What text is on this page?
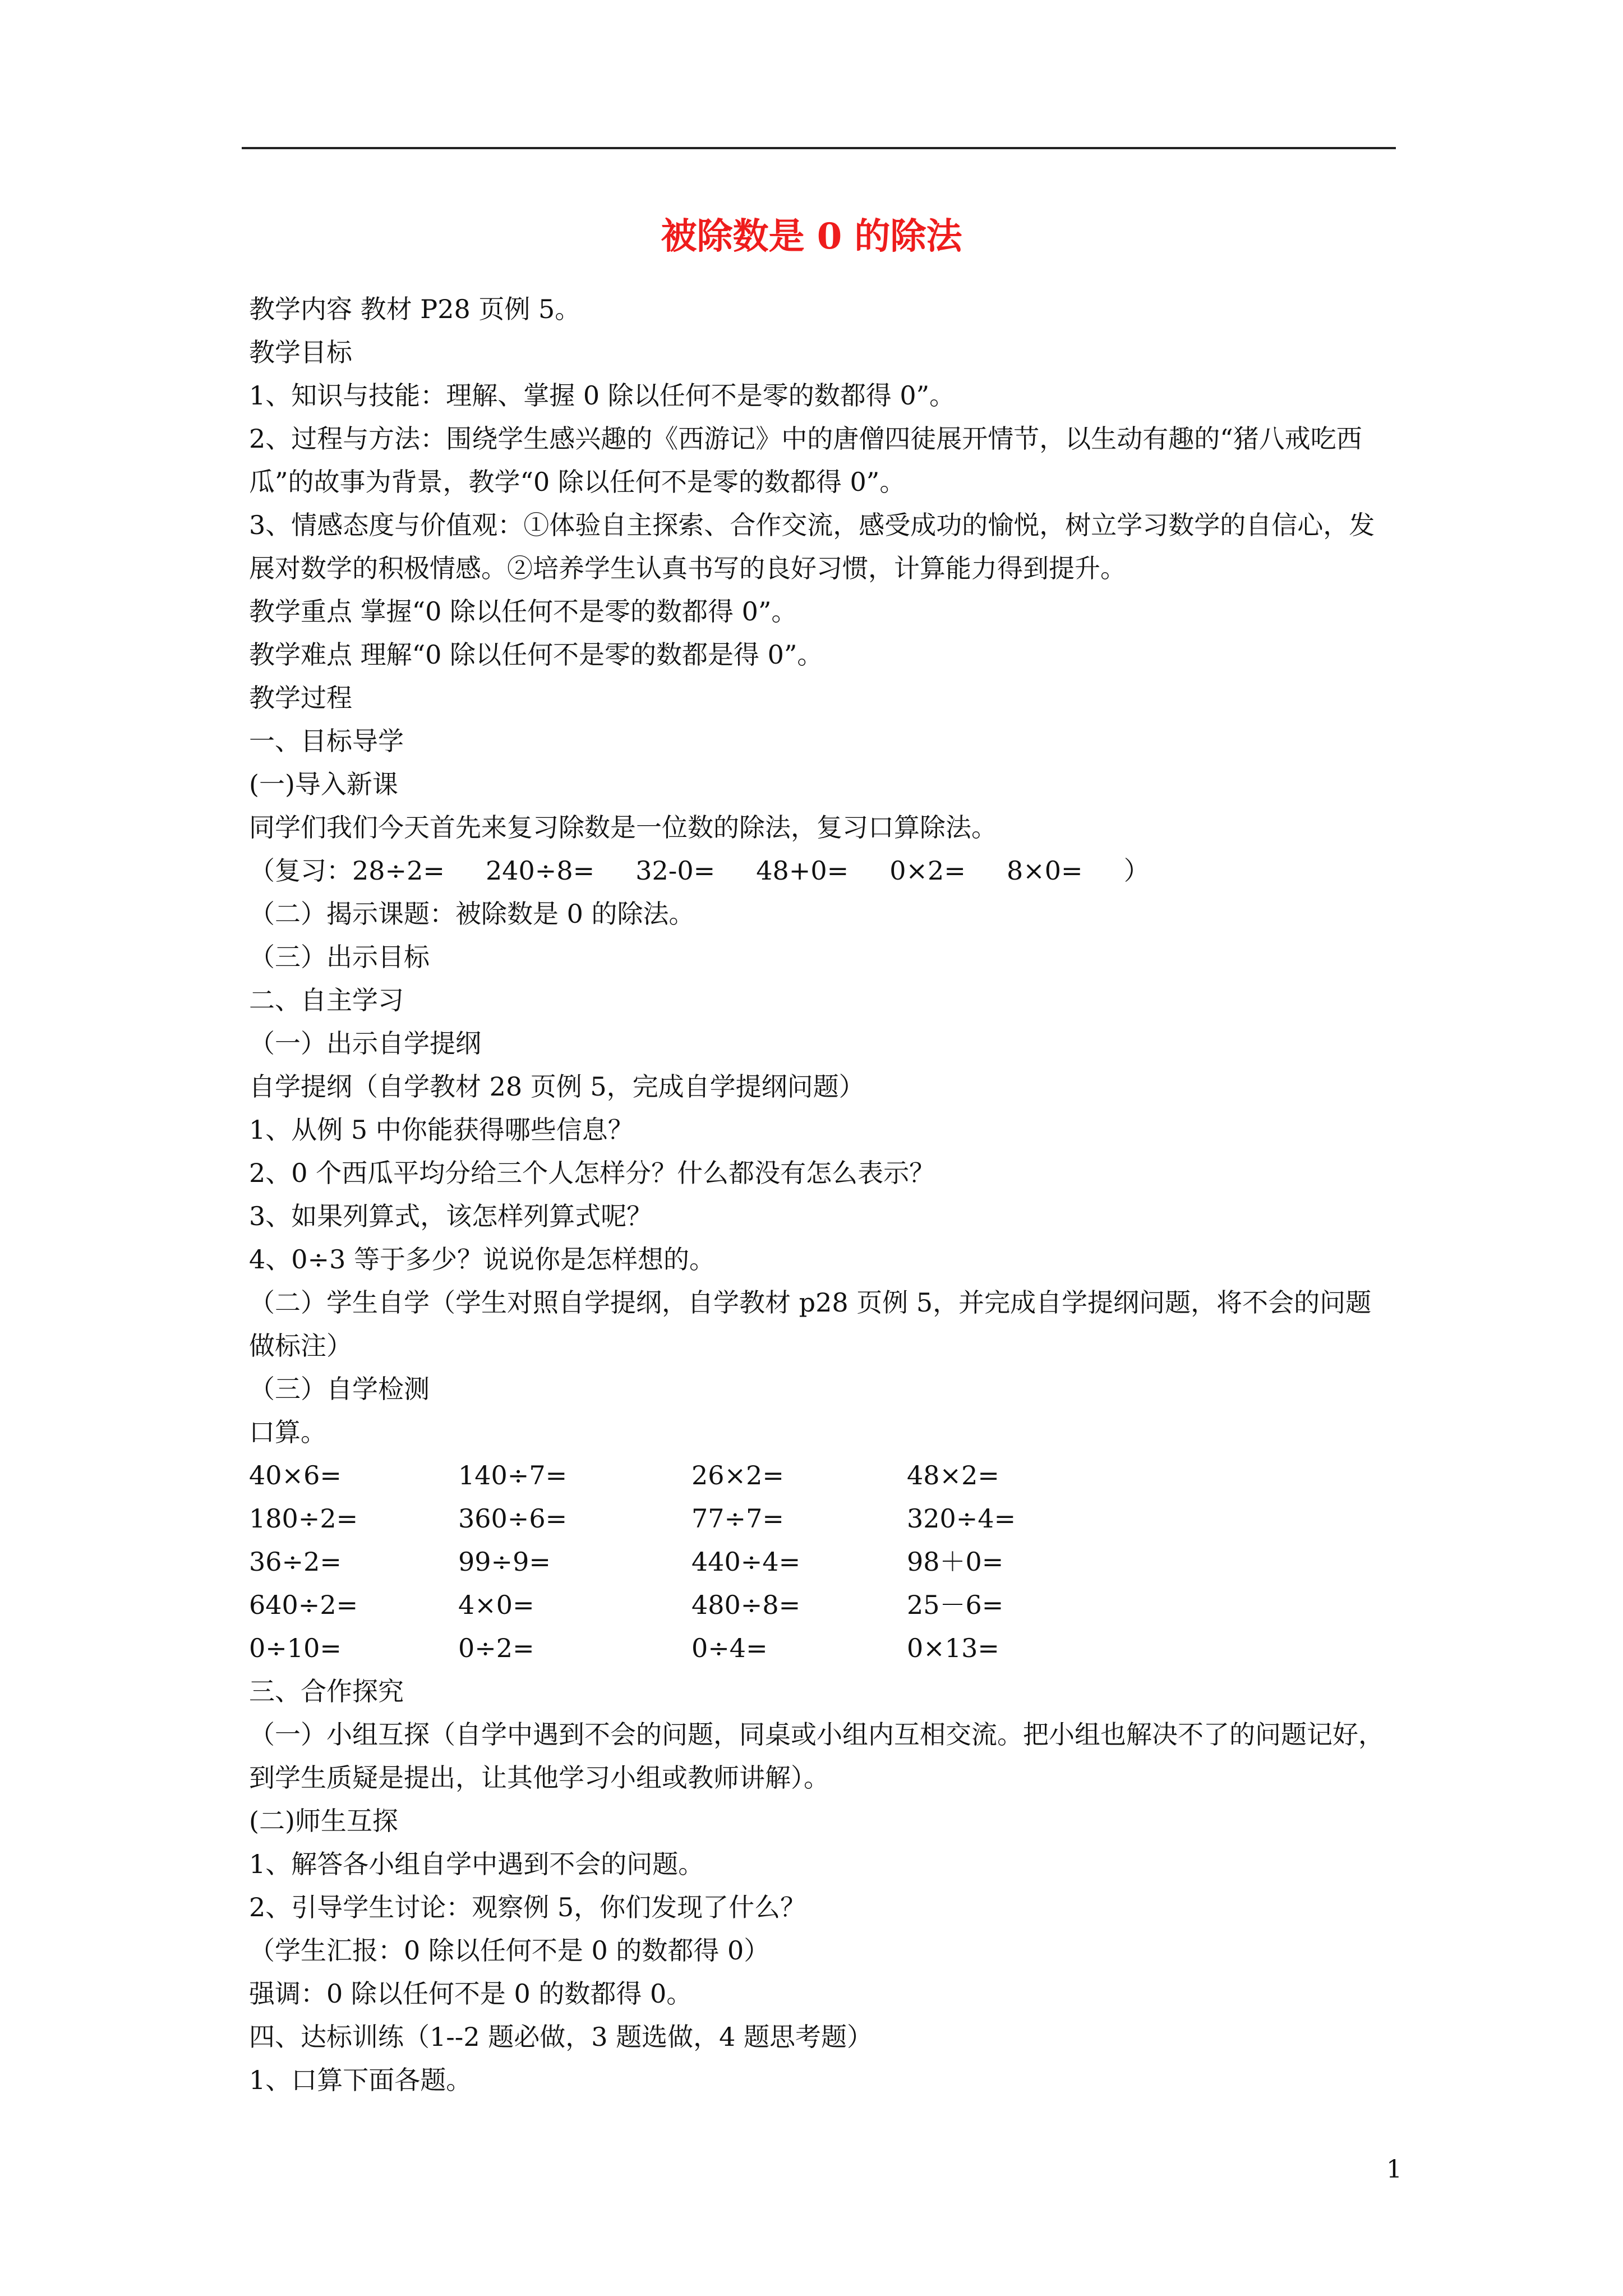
被除数是 0 的除法
教学内容 教材 P28 页例 5。
教学目标
1、知识与技能：理解、掌握 0 除以任何不是零的数都得 0”。
2、过程与方法：围绕学生感兴趣的《西游记》中的唐僧四徒展开情节，以生动有趣的“猪八戒吃西瓜”的故事为背景，教学“0 除以任何不是零的数都得 0”。
3、情感态度与价值观：①体验自主探索、合作交流，感受成功的愉悦，树立学习数学的自信心，发展对数学的积极情感。②培养学生认真书写的良好习惯，计算能力得到提升。
教学重点 掌握“0 除以任何不是零的数都得 0”。
教学难点 理解“0 除以任何不是零的数都是得 0”。
教学过程
一、目标导学
(一)导入新课
同学们我们今天首先来复习除数是一位数的除法，复习口算除法。
（复习：28÷2=     240÷8=     32-0=     48+0=     0×2=     8×0=     ）
（二）揭示课题：被除数是 0 的除法。
（三）出示目标
二、自主学习
（一）出示自学提纲
自学提纲（自学教材 28 页例 5，完成自学提纲问题）
1、从例 5 中你能获得哪些信息？
2、0 个西瓜平均分给三个人怎样分？什么都没有怎么表示？
3、如果列算式，该怎样列算式呢？
4、0÷3 等于多少？说说你是怎样想的。
（二）学生自学（学生对照自学提纲，自学教材 p28 页例 5，并完成自学提纲问题，将不会的问题做标注）
（三）自学检测
口算。
40×6=	140÷7=	26×2=	48×2=
180÷2=	360÷6=	77÷7=	320÷4=
36÷2=	99÷9=	440÷4=	98＋0=
640÷2=	4×0=	480÷8=	25－6=
0÷10=	0÷2=	0÷4=	0×13=
三、合作探究
（一）小组互探（自学中遇到不会的问题，同桌或小组内互相交流。把小组也解决不了的问题记好，到学生质疑是提出，让其他学习小组或教师讲解）。
(二)师生互探
1、解答各小组自学中遇到不会的问题。
2、引导学生讨论：观察例 5，你们发现了什么？
（学生汇报：0 除以任何不是 0 的数都得 0）
强调：0 除以任何不是 0 的数都得 0。
四、达标训练（1--2 题必做，3 题选做，4 题思考题）
1、口算下面各题。
1
